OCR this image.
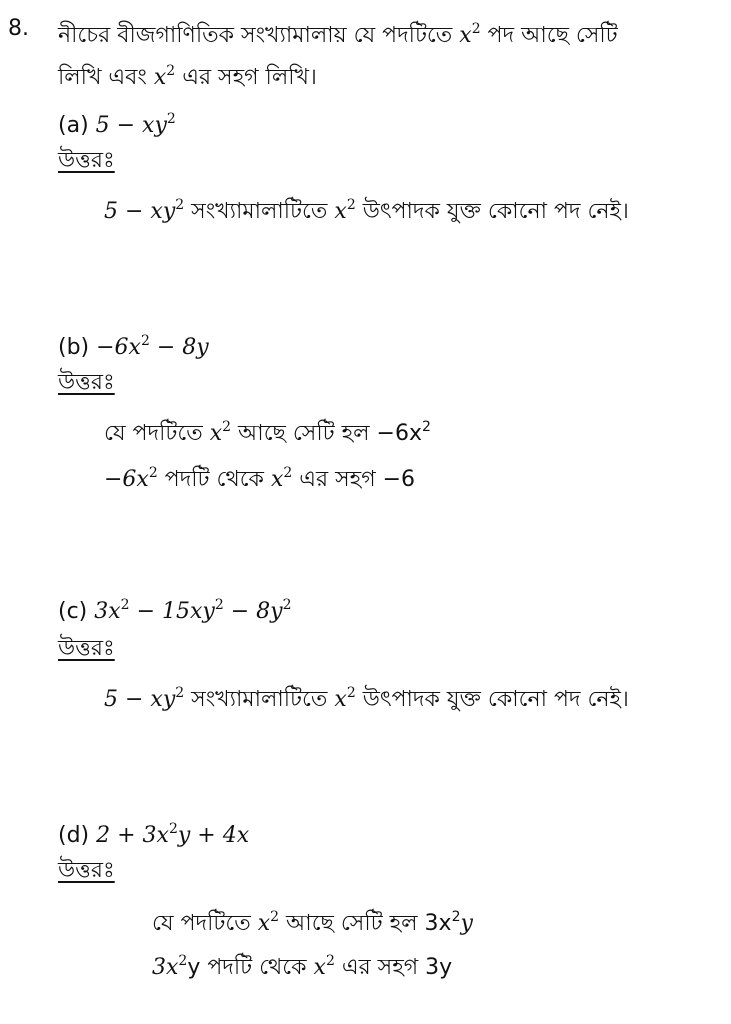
8. নীচের বীজগাণিতিক সংখ্যামালায় যে পদটিতে $x^2$ পদ আছে সেটি
লিখি এবং $x^2$ এর সহগ লিখি।
(a) $5 - xy^2$
উত্তরঃ
$5 - xy^2$ সংখ্যামালাটিতে $x^2$ উৎপাদক যুক্ত কোনো পদ নেই।
$(b) -6x^2 - 8y$
উত্তরঃ
যে পদটিতে $x^2$ আছে সেটি হল $-6x^2$
$-6x^2$ পদটি থেকে $x^2$ এর সহগ −6
(c) $3x^2 - 15xy^2 - 8y^2$
উত্তরঃ
$5 - xy^2$ সংখ্যামালাটিতে $x^2$ উৎপাদক যুক্ত কোনো পদ নেই।
(d) $2 + 3x^2y + 4x$
উত্তরঃ
যে পদটিতে $x^2$ আছে সেটি হল $3x^2y$
$3x^2y$ পদটি থেকে $x^2$ এর সহগ 3y
